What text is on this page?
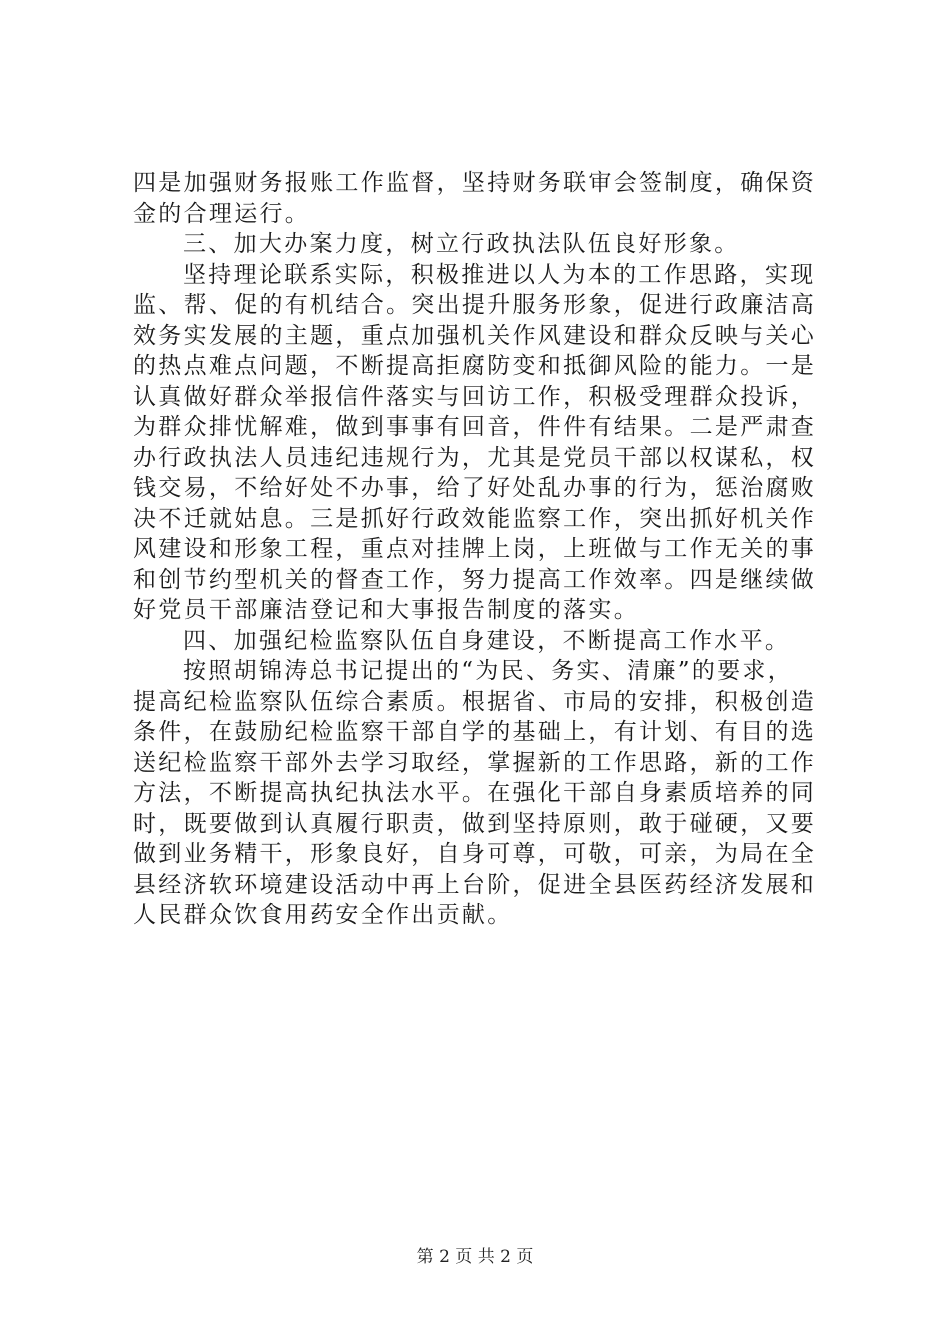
四是加强财务报账工作监督，坚持财务联审会签制度，确保资
金的合理运行。
三、加大办案力度，树立行政执法队伍良好形象。
坚持理论联系实际，积极推进以人为本的工作思路，实现
监、帮、促的有机结合。突出提升服务形象，促进行政廉洁高
效务实发展的主题，重点加强机关作风建设和群众反映与关心
的热点难点问题，不断提高拒腐防变和抵御风险的能力。一是
认真做好群众举报信件落实与回访工作，积极受理群众投诉，
为群众排忧解难，做到事事有回音，件件有结果。二是严肃查
办行政执法人员违纪违规行为，尤其是党员干部以权谋私，权
钱交易，不给好处不办事，给了好处乱办事的行为，惩治腐败
决不迁就姑息。三是抓好行政效能监察工作，突出抓好机关作
风建设和形象工程，重点对挂牌上岗，上班做与工作无关的事
和创节约型机关的督查工作，努力提高工作效率。四是继续做
好党员干部廉洁登记和大事报告制度的落实。
四、加强纪检监察队伍自身建设，不断提高工作水平。
按照胡锦涛总书记提出的“为民、务实、清廉”的要求，
提高纪检监察队伍综合素质。根据省、市局的安排，积极创造
条件，在鼓励纪检监察干部自学的基础上，有计划、有目的选
送纪检监察干部外去学习取经，掌握新的工作思路，新的工作
方法，不断提高执纪执法水平。在强化干部自身素质培养的同
时，既要做到认真履行职责，做到坚持原则，敢于碰硬，又要
做到业务精干，形象良好，自身可尊，可敬，可亲，为局在全
县经济软环境建设活动中再上台阶，促进全县医药经济发展和
人民群众饮食用药安全作出贡献。
第 2 页 共 2 页
